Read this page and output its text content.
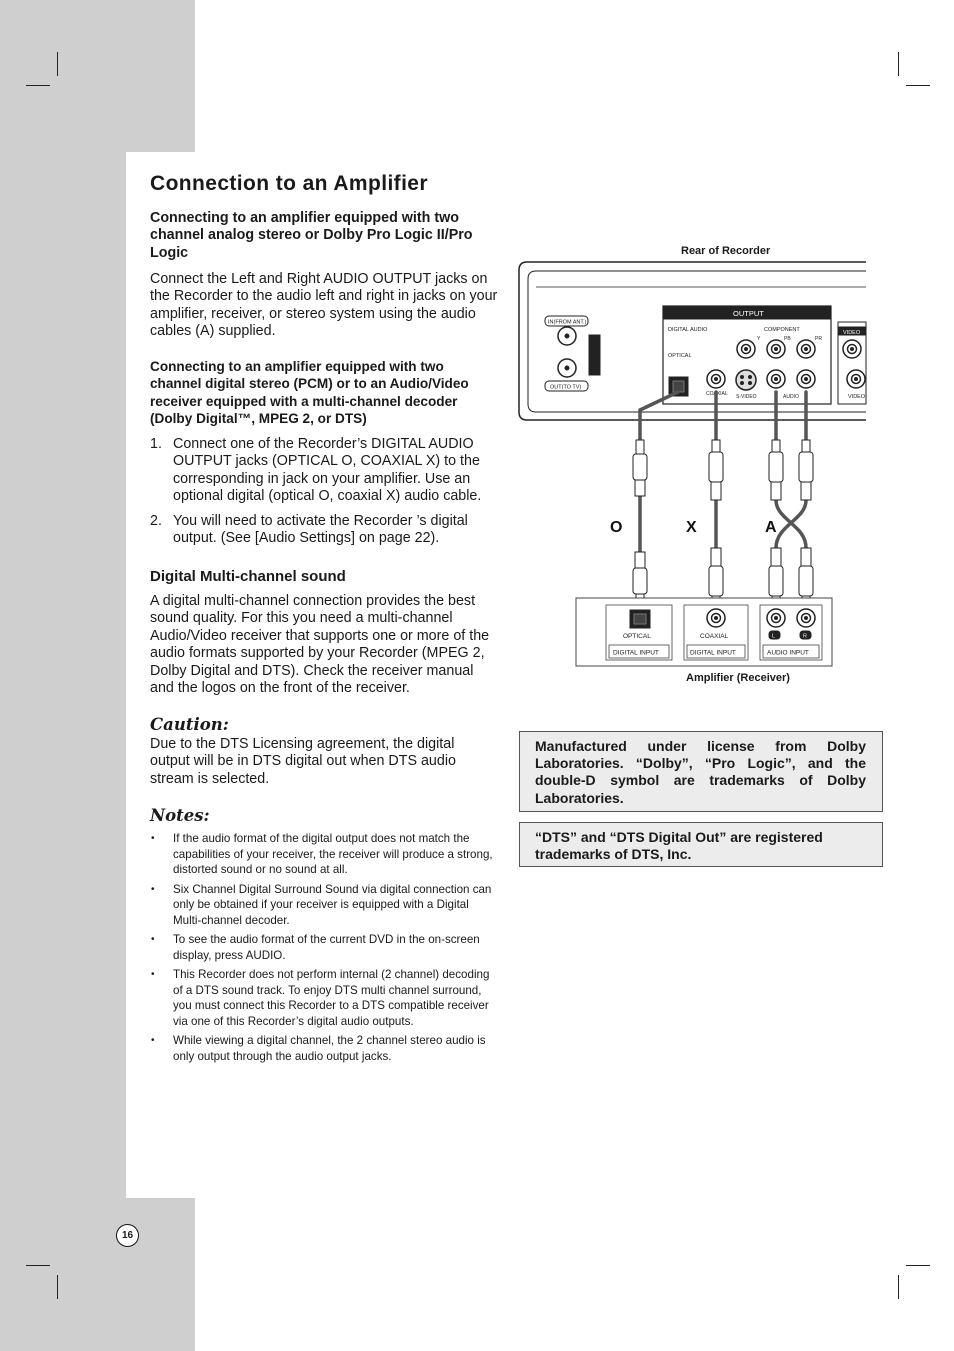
Connection to an Amplifier

Connecting to an amplifier equipped with two channel analog stereo or Dolby Pro Logic II/Pro Logic

Connect the Left and Right AUDIO OUTPUT jacks on the Recorder to the audio left and right in jacks on your amplifier, receiver, or stereo system using the audio cables (A) supplied.

Connecting to an amplifier equipped with two channel digital stereo (PCM) or to an Audio/Video receiver equipped with a multi-channel decoder (Dolby Digital™, MPEG 2, or DTS)

1. Connect one of the Recorder’s DIGITAL AUDIO OUTPUT jacks (OPTICAL O, COAXIAL X) to the corresponding in jack on your amplifier. Use an optional digital (optical O, coaxial X) audio cable.
2. You will need to activate the Recorder ’s digital output. (See [Audio Settings] on page 22).
Digital Multi-channel sound

A digital multi-channel connection provides the best sound quality. For this you need a multi-channel Audio/Video receiver that supports one or more of the audio formats supported by your Recorder (MPEG 2, Dolby Digital and DTS). Check the receiver manual and the logos on the front of the receiver.

Caution:

Due to the DTS Licensing agreement, the digital output will be in DTS digital out when DTS audio stream is selected.

Notes:
• If the audio format of the digital output does not match the capabilities of your receiver, the receiver will produce a strong, distorted sound or no sound at all.
• Six Channel Digital Surround Sound via digital connection can only be obtained if your receiver is equipped with a Digital Multi-channel decoder.
• To see the audio format of the current DVD in the on-screen display, press AUDIO.
• This Recorder does not perform internal (2 channel) decoding of a DTS sound track. To enjoy DTS multi channel surround, you must connect this Recorder to a DTS compatible receiver via one of this Recorder’s digital audio outputs.
• While viewing a digital channel, the 2 channel stereo audio is only output through the audio output jacks.
Rear of Recorder
Amplifier (Receiver)
IN(FROM ANT.)
OUT(TO TV)
OUTPUT
DIGITAL AUDIO	COMPONENT
OPTICAL
Y	PB	PR
VIDEO
COAXIAL S-VIDEO	AUDIO	VIDEO
O	X	A
OPTICAL	COAXIAL	L	R
DIGITAL INPUT	DIGITAL INPUT	AUDIO INPUT
Manufactured under license from Dolby Laboratories. “Dolby”, “Pro Logic”, and the double-D symbol are trademarks of Dolby Laboratories.
“DTS” and “DTS Digital Out” are registered trademarks of DTS, Inc.
16
